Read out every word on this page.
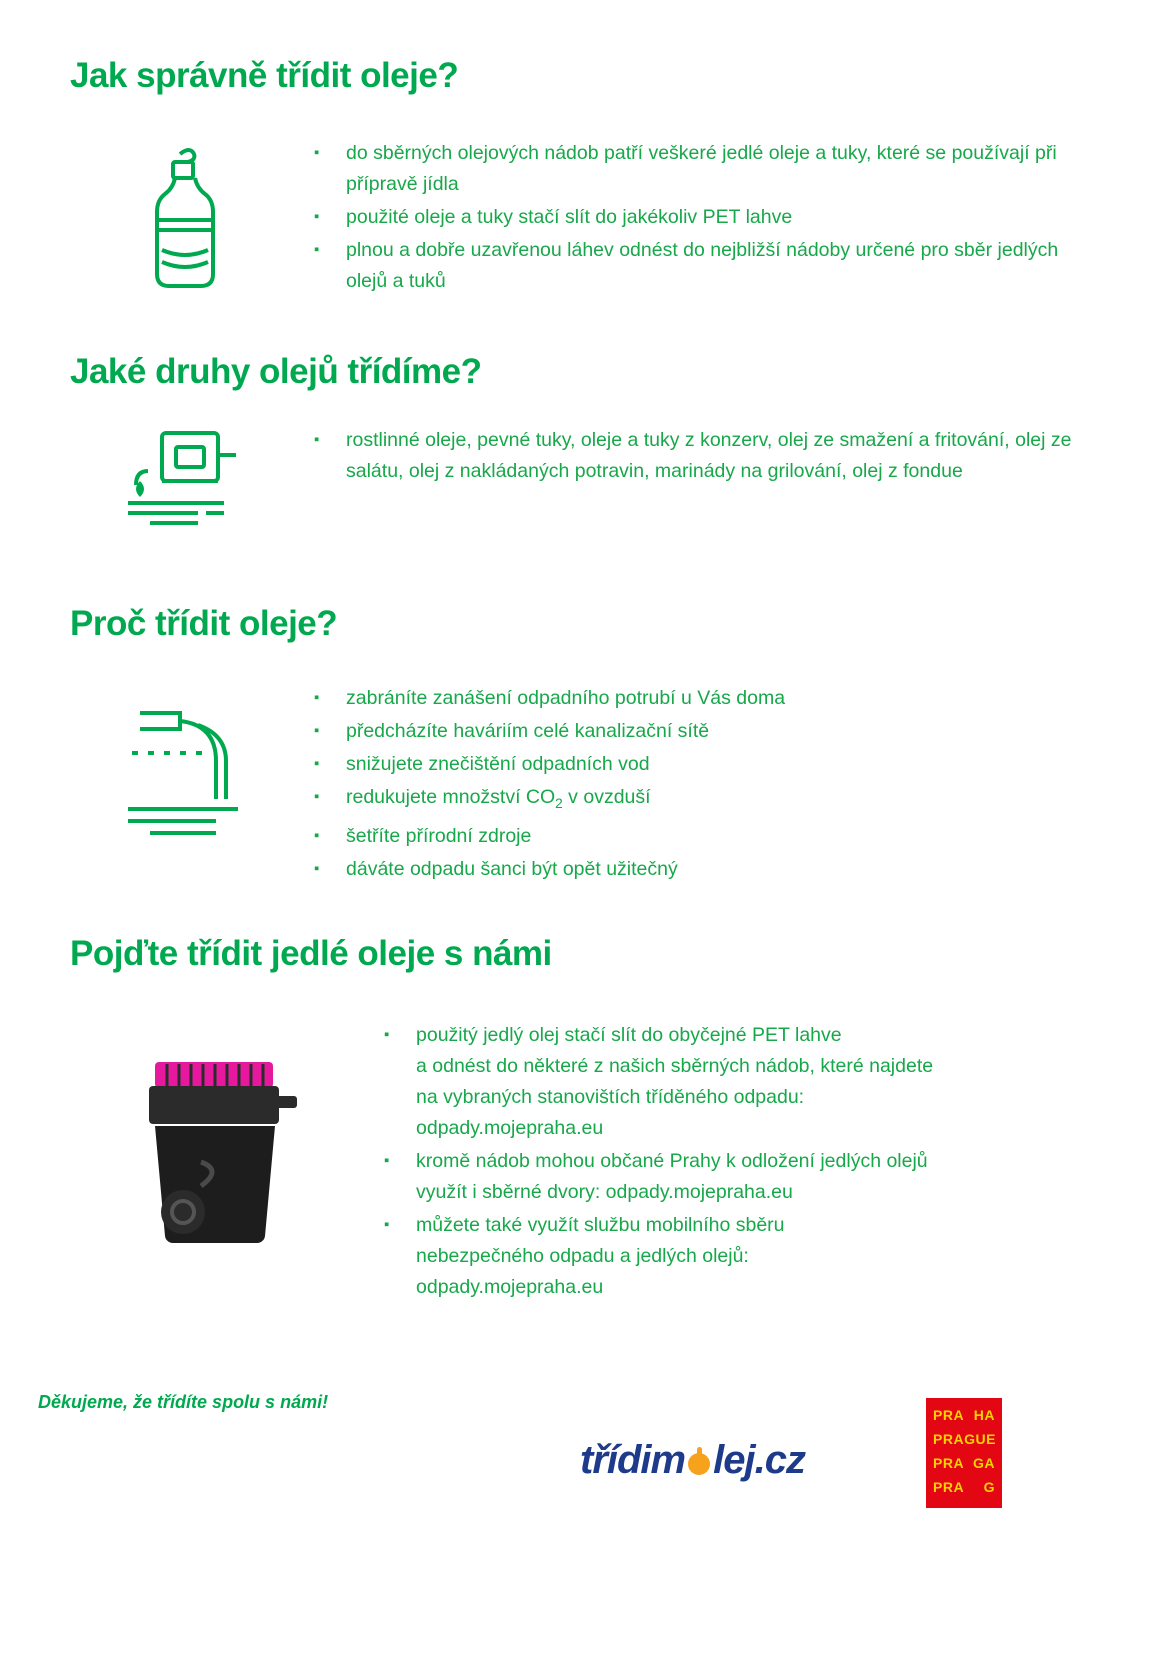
Jak správně třídit oleje?
▪ do sběrných olejových nádob patří veškeré jedlé oleje a tuky, které se používají při přípravě jídla
▪ použité oleje a tuky stačí slít do jakékoliv PET lahve
▪ plnou a dobře uzavřenou láhev odnést do nejbližší nádoby určené pro sběr jedlých olejů a tuků
Jaké druhy olejů třídíme?
▪ rostlinné oleje, pevné tuky, oleje a tuky z konzerv, olej ze smažení a fritování, olej ze salátu, olej z nakládaných potravin, marinády na grilování, olej z fondue
Proč třídit oleje?
▪ zabráníte zanášení odpadního potrubí u Vás doma
▪ předcházíte haváriím celé kanalizační sítě
▪ snižujete znečištění odpadních vod
▪ redukujete množství $CO_2$ v ovzduší
▪ šetříte přírodní zdroje
▪ dáváte odpadu šanci být opět užitečný
Pojďte třídit jedlé oleje s námi
▪ použitý jedlý olej stačí slít do obyčejné PET lahve
a odnést do některé z našich sběrných nádob, které najdete
na vybraných stanovištích tříděného odpadu:
odpady.mojepraha.eu
▪ kromě nádob mohou občané Prahy k odložení jedlých olejů
využít i sběrné dvory: odpady.mojepraha.eu
▪ můžete také využít službu mobilního sběru
nebezpečného odpadu a jedlých olejů:
odpady.mojepraha.eu
Děkujeme, že třídíte spolu s námi!
třídim lej.cz
PRA HA
PRA GUE
PRA GA
PRA G
